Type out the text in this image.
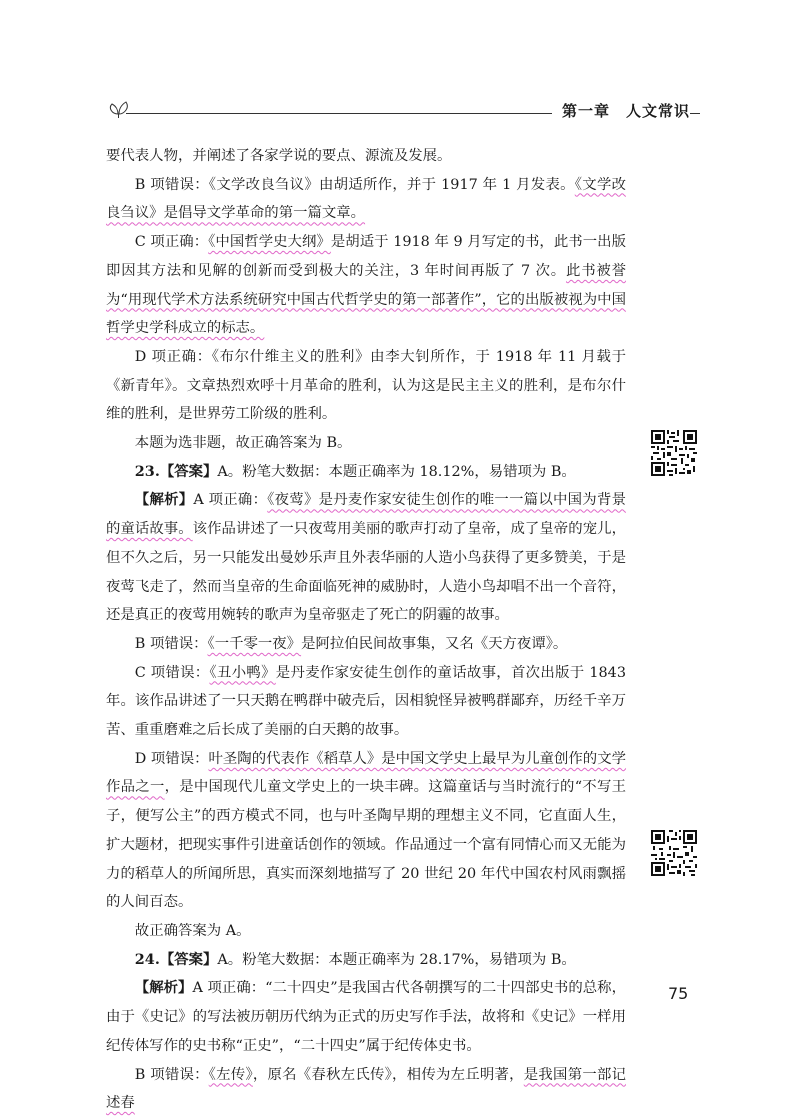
第一章 人文常识

要代表人物，并阐述了各家学说的要点、源流及发展。

B 项错误：《文学改良刍议》由胡适所作，并于 1917 年 1 月发表。《文学改良刍议》是倡导文学革命的第一篇文章。

C 项正确：《中国哲学史大纲》是胡适于 1918 年 9 月写定的书，此书一出版即因其方法和见解的创新而受到极大的关注，3 年时间再版了 7 次。此书被誉为“用现代学术方法系统研究中国古代哲学史的第一部著作”，它的出版被视为中国哲学史学科成立的标志。

D 项正确：《布尔什维主义的胜利》由李大钊所作，于 1918 年 11 月载于《新青年》。文章热烈欢呼十月革命的胜利，认为这是民主主义的胜利，是布尔什维的胜利，是世界劳工阶级的胜利。

本题为选非题，故正确答案为 B。

23.【答案】A。粉笔大数据：本题正确率为 18.12%，易错项为 B。

【解析】A 项正确：《夜莺》是丹麦作家安徒生创作的唯一一篇以中国为背景的童话故事。该作品讲述了一只夜莺用美丽的歌声打动了皇帝，成了皇帝的宠儿，但不久之后，另一只能发出曼妙乐声且外表华丽的人造小鸟获得了更多赞美，于是夜莺飞走了，然而当皇帝的生命面临死神的威胁时，人造小鸟却唱不出一个音符，还是真正的夜莺用婉转的歌声为皇帝驱走了死亡的阴霾的故事。

B 项错误：《一千零一夜》是阿拉伯民间故事集，又名《天方夜谭》。

C 项错误：《丑小鸭》是丹麦作家安徒生创作的童话故事，首次出版于 1843 年。该作品讲述了一只天鹅在鸭群中破壳后，因相貌怪异被鸭群鄙弃，历经千辛万苦、重重磨难之后长成了美丽的白天鹅的故事。

D 项错误：叶圣陶的代表作《稻草人》是中国文学史上最早为儿童创作的文学作品之一，是中国现代儿童文学史上的一块丰碑。这篇童话与当时流行的“不写王子，便写公主”的西方模式不同，也与叶圣陶早期的理想主义不同，它直面人生，扩大题材，把现实事件引进童话创作的领域。作品通过一个富有同情心而又无能为力的稻草人的所闻所思，真实而深刻地描写了 20 世纪 20 年代中国农村风雨飘摇的人间百态。

故正确答案为 A。

24.【答案】A。粉笔大数据：本题正确率为 28.17%，易错项为 B。

【解析】A 项正确：“二十四史”是我国古代各朝撰写的二十四部史书的总称，由于《史记》的写法被历朝历代纳为正式的历史写作手法，故将和《史记》一样用纪传体写作的史书称“正史”，“二十四史”属于纪传体史书。

B 项错误：《左传》，原名《春秋左氏传》，相传为左丘明著，是我国第一部记述春

75
